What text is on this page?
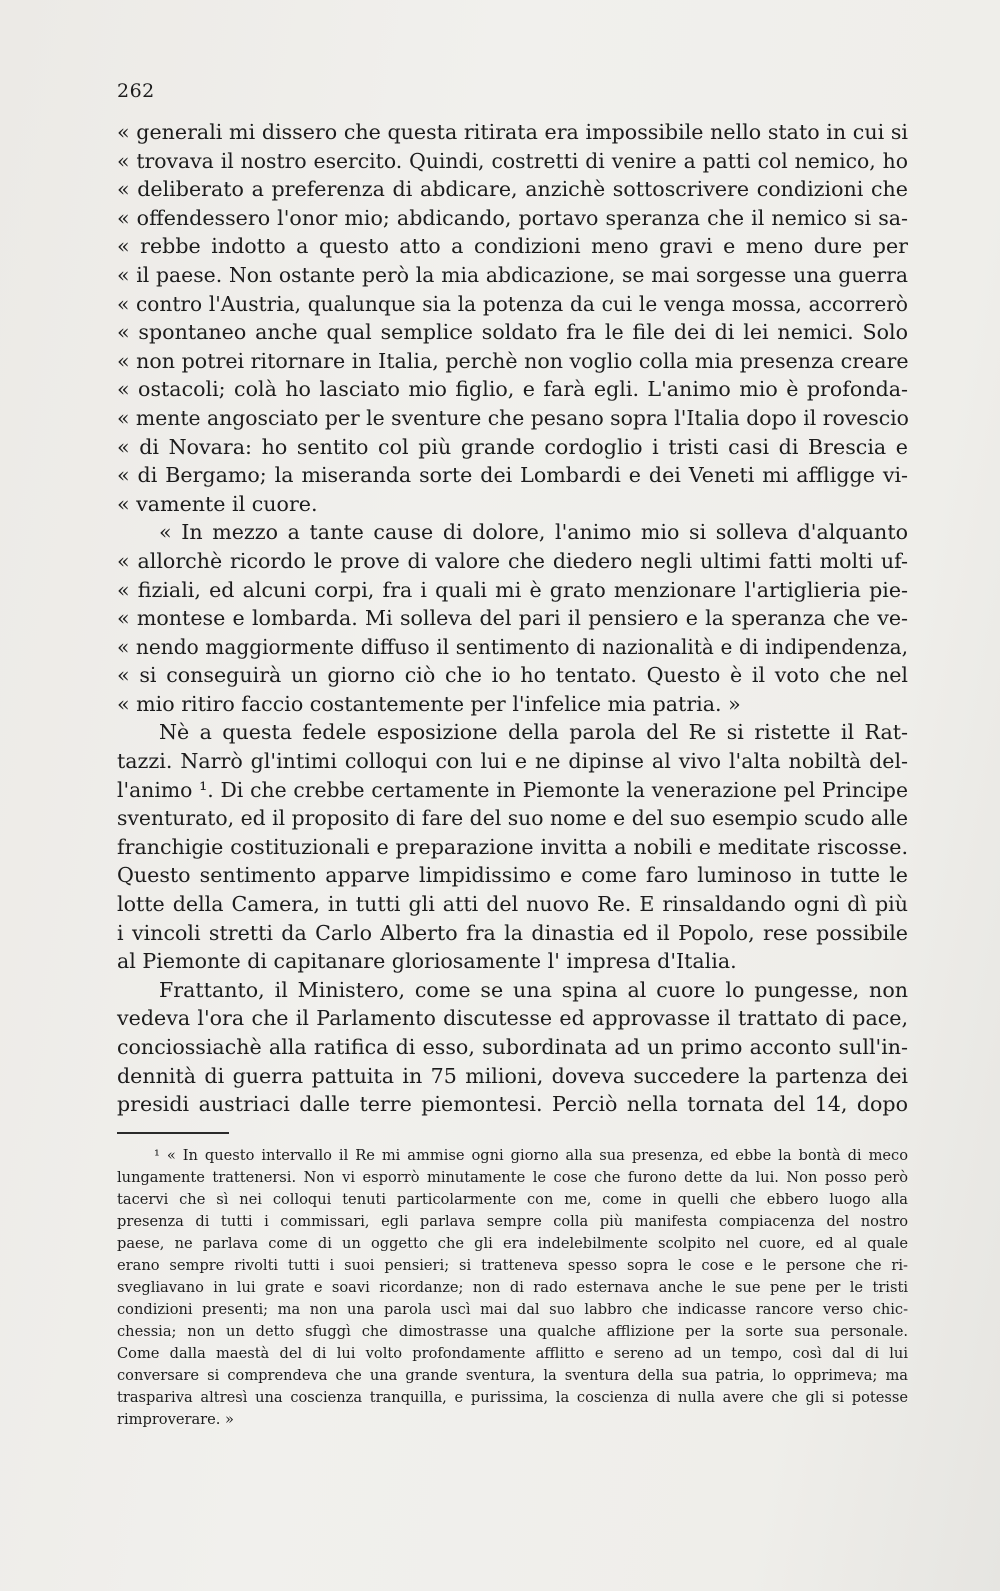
262
« generali mi dissero che questa ritirata era impossibile nello stato in cui si
« trovava il nostro esercito. Quindi, costretti di venire a patti col nemico, ho
« deliberato a preferenza di abdicare, anzichè sottoscrivere condizioni che
« offendessero l'onor mio; abdicando, portavo speranza che il nemico si sa-
« rebbe indotto a questo atto a condizioni meno gravi e meno dure per
« il paese. Non ostante però la mia abdicazione, se mai sorgesse una guerra
« contro l'Austria, qualunque sia la potenza da cui le venga mossa, accorrerò
« spontaneo anche qual semplice soldato fra le file dei di lei nemici. Solo
« non potrei ritornare in Italia, perchè non voglio colla mia presenza creare
« ostacoli; colà ho lasciato mio figlio, e farà egli. L'animo mio è profonda-
« mente angosciato per le sventure che pesano sopra l'Italia dopo il rovescio
« di Novara: ho sentito col più grande cordoglio i tristi casi di Brescia e
« di Bergamo; la miseranda sorte dei Lombardi e dei Veneti mi affligge vi-
« vamente il cuore.
« In mezzo a tante cause di dolore, l'animo mio si solleva d'alquanto
« allorchè ricordo le prove di valore che diedero negli ultimi fatti molti uf-
« fiziali, ed alcuni corpi, fra i quali mi è grato menzionare l'artiglieria pie-
« montese e lombarda. Mi solleva del pari il pensiero e la speranza che ve-
« nendo maggiormente diffuso il sentimento di nazionalità e di indipendenza,
« si conseguirà un giorno ciò che io ho tentato. Questo è il voto che nel
« mio ritiro faccio costantemente per l'infelice mia patria. »
Nè a questa fedele esposizione della parola del Re si ristette il Rat-
tazzi. Narrò gl'intimi colloqui con lui e ne dipinse al vivo l'alta nobiltà del-
l'animo ¹. Di che crebbe certamente in Piemonte la venerazione pel Principe
sventurato, ed il proposito di fare del suo nome e del suo esempio scudo alle
franchigie costituzionali e preparazione invitta a nobili e meditate riscosse.
Questo sentimento apparve limpidissimo e come faro luminoso in tutte le
lotte della Camera, in tutti gli atti del nuovo Re. E rinsaldando ogni dì più
i vincoli stretti da Carlo Alberto fra la dinastia ed il Popolo, rese possibile
al Piemonte di capitanare gloriosamente l' impresa d'Italia.
Frattanto, il Ministero, come se una spina al cuore lo pungesse, non
vedeva l'ora che il Parlamento discutesse ed approvasse il trattato di pace,
conciossiachè alla ratifica di esso, subordinata ad un primo acconto sull'in-
dennità di guerra pattuita in 75 milioni, doveva succedere la partenza dei
presidi austriaci dalle terre piemontesi. Perciò nella tornata del 14, dopo
¹ « In questo intervallo il Re mi ammise ogni giorno alla sua presenza, ed ebbe la bontà di meco
lungamente trattenersi. Non vi esporrò minutamente le cose che furono dette da lui. Non posso però
tacervi che sì nei colloqui tenuti particolarmente con me, come in quelli che ebbero luogo alla
presenza di tutti i commissari, egli parlava sempre colla più manifesta compiacenza del nostro
paese, ne parlava come di un oggetto che gli era indelebilmente scolpito nel cuore, ed al quale
erano sempre rivolti tutti i suoi pensieri; si tratteneva spesso sopra le cose e le persone che ri-
svegliavano in lui grate e soavi ricordanze; non di rado esternava anche le sue pene per le tristi
condizioni presenti; ma non una parola uscì mai dal suo labbro che indicasse rancore verso chic-
chessia; non un detto sfuggì che dimostrasse una qualche afflizione per la sorte sua personale.
Come dalla maestà del di lui volto profondamente afflitto e sereno ad un tempo, così dal di lui
conversare si comprendeva che una grande sventura, la sventura della sua patria, lo opprimeva; ma
traspariva altresì una coscienza tranquilla, e purissima, la coscienza di nulla avere che gli si potesse
rimproverare. »
